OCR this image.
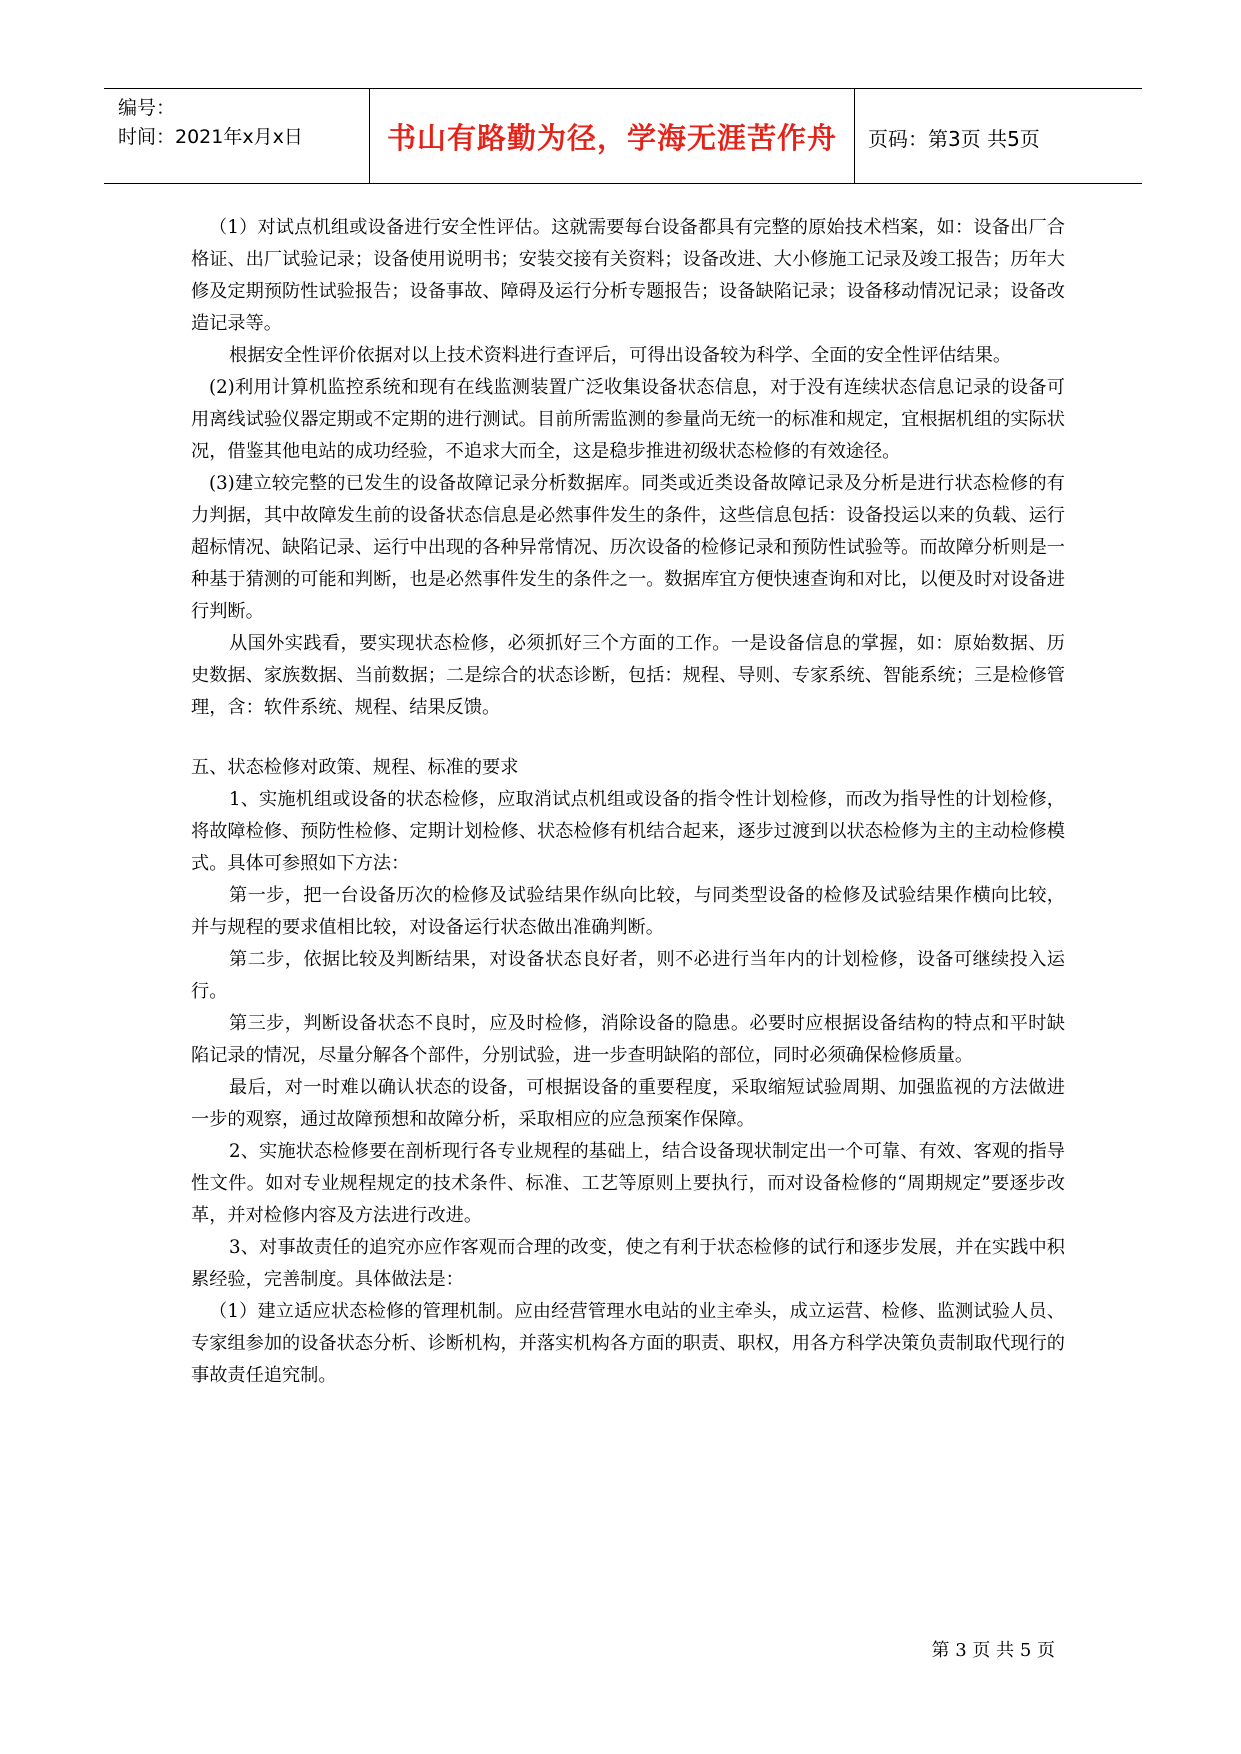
编号：
时间：2021年x月x日	书山有路勤为径，学海无涯苦作舟	页码：第3页 共5页

（1）对试点机组或设备进行安全性评估。这就需要每台设备都具有完整的原始技术档案，如：设备出厂合格证、出厂试验记录；设备使用说明书；安装交接有关资料；设备改进、大小修施工记录及竣工报告；历年大修及定期预防性试验报告；设备事故、障碍及运行分析专题报告；设备缺陷记录；设备移动情况记录；设备改造记录等。

根据安全性评价依据对以上技术资料进行查评后，可得出设备较为科学、全面的安全性评估结果。

(2)利用计算机监控系统和现有在线监测装置广泛收集设备状态信息，对于没有连续状态信息记录的设备可用离线试验仪器定期或不定期的进行测试。目前所需监测的参量尚无统一的标准和规定，宜根据机组的实际状况，借鉴其他电站的成功经验，不追求大而全，这是稳步推进初级状态检修的有效途径。

(3)建立较完整的已发生的设备故障记录分析数据库。同类或近类设备故障记录及分析是进行状态检修的有力判据，其中故障发生前的设备状态信息是必然事件发生的条件，这些信息包括：设备投运以来的负载、运行超标情况、缺陷记录、运行中出现的各种异常情况、历次设备的检修记录和预防性试验等。而故障分析则是一种基于猜测的可能和判断，也是必然事件发生的条件之一。数据库宜方便快速查询和对比，以便及时对设备进行判断。

从国外实践看，要实现状态检修，必须抓好三个方面的工作。一是设备信息的掌握，如：原始数据、历史数据、家族数据、当前数据；二是综合的状态诊断，包括：规程、导则、专家系统、智能系统；三是检修管理，含：软件系统、规程、结果反馈。

五、状态检修对政策、规程、标准的要求

1、实施机组或设备的状态检修，应取消试点机组或设备的指令性计划检修，而改为指导性的计划检修，将故障检修、预防性检修、定期计划检修、状态检修有机结合起来，逐步过渡到以状态检修为主的主动检修模式。具体可参照如下方法：

第一步，把一台设备历次的检修及试验结果作纵向比较，与同类型设备的检修及试验结果作横向比较，并与规程的要求值相比较，对设备运行状态做出准确判断。

第二步，依据比较及判断结果，对设备状态良好者，则不必进行当年内的计划检修，设备可继续投入运行。

第三步，判断设备状态不良时，应及时检修，消除设备的隐患。必要时应根据设备结构的特点和平时缺陷记录的情况，尽量分解各个部件，分别试验，进一步查明缺陷的部位，同时必须确保检修质量。

最后，对一时难以确认状态的设备，可根据设备的重要程度，采取缩短试验周期、加强监视的方法做进一步的观察，通过故障预想和故障分析，采取相应的应急预案作保障。

2、实施状态检修要在剖析现行各专业规程的基础上，结合设备现状制定出一个可靠、有效、客观的指导性文件。如对专业规程规定的技术条件、标准、工艺等原则上要执行，而对设备检修的“周期规定”要逐步改革，并对检修内容及方法进行改进。

3、对事故责任的追究亦应作客观而合理的改变，使之有利于状态检修的试行和逐步发展，并在实践中积累经验，完善制度。具体做法是：

（1）建立适应状态检修的管理机制。应由经营管理水电站的业主牵头，成立运营、检修、监测试验人员、专家组参加的设备状态分析、诊断机构，并落实机构各方面的职责、职权，用各方科学决策负责制取代现行的事故责任追究制。

第 3 页 共 5 页
